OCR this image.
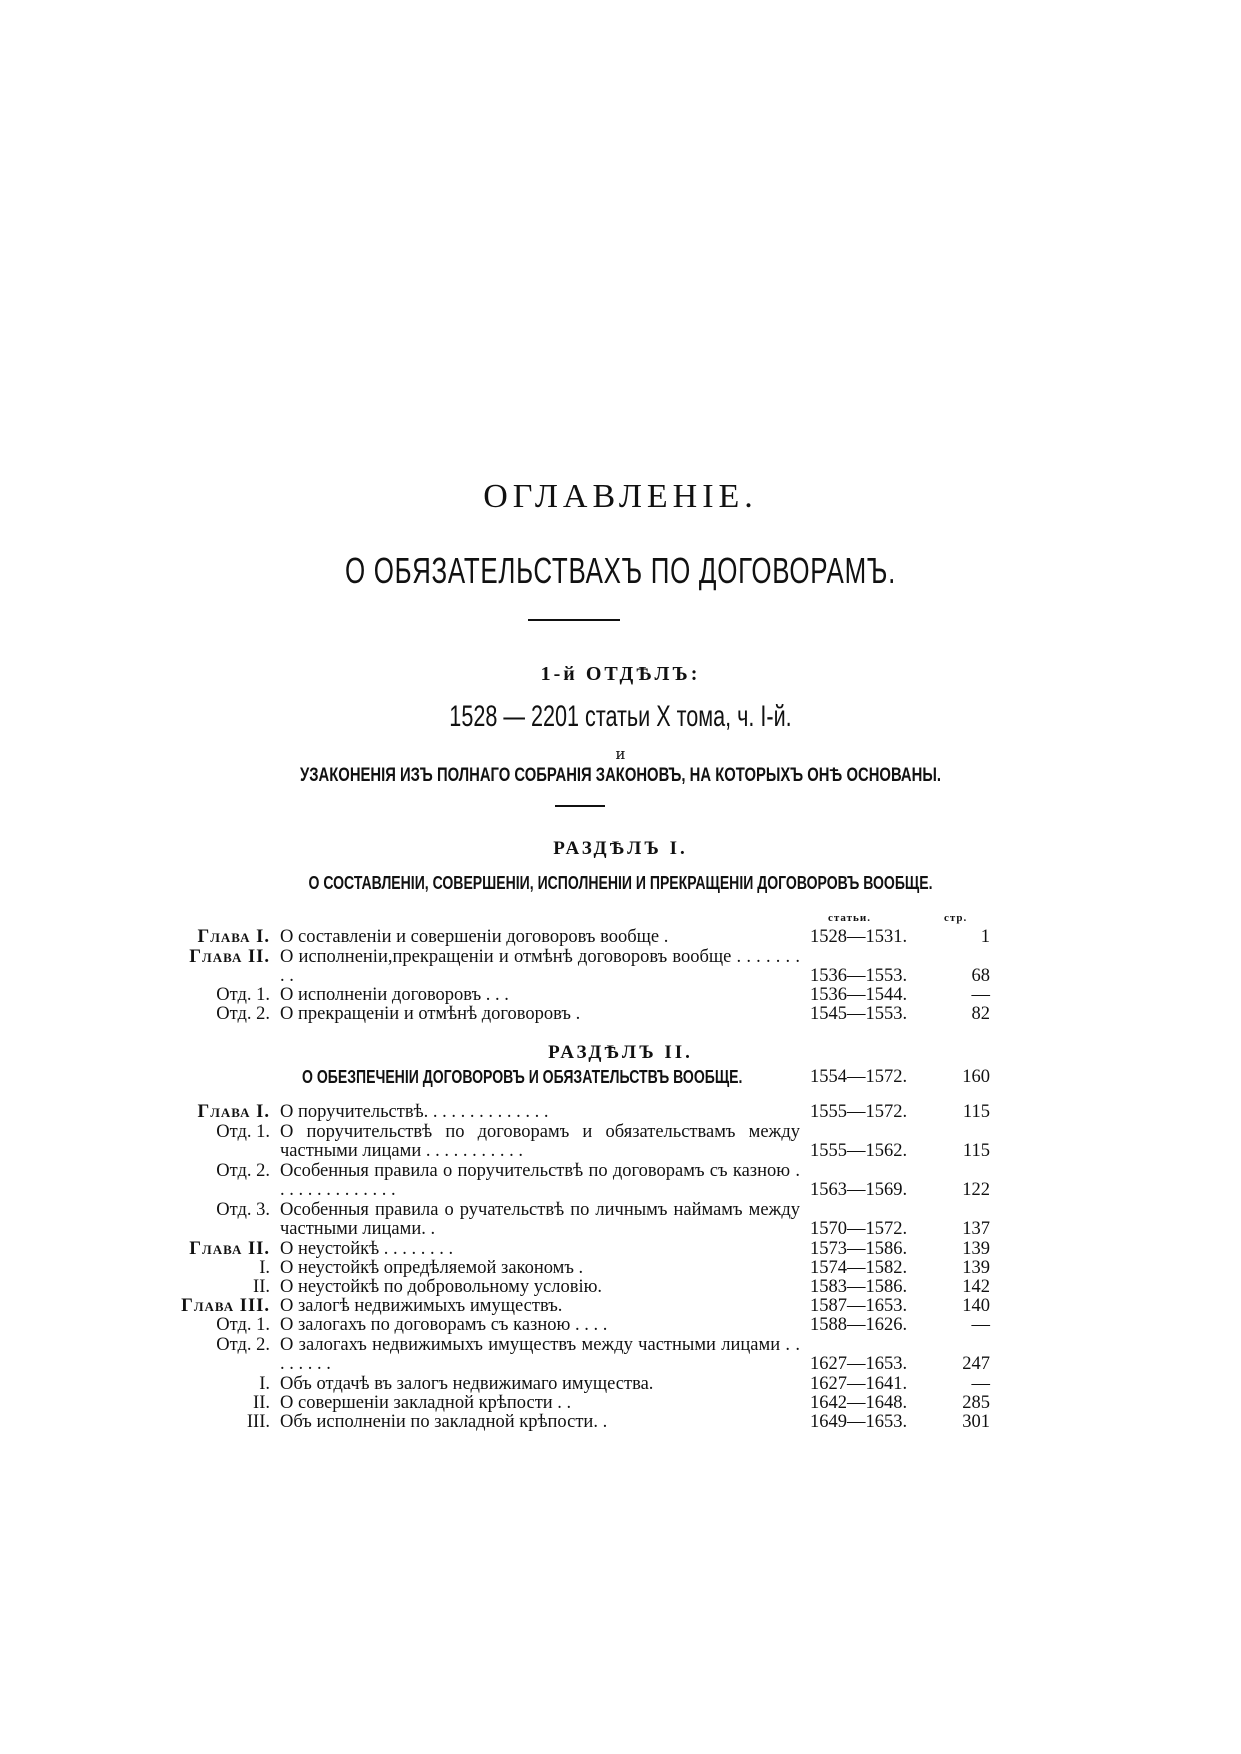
ОГЛАВЛЕНІЕ.
О ОБЯЗАТЕЛЬСТВАХЪ ПО ДОГОВОРАМЪ.
1-й ОТДѢЛЪ:
1528 — 2201 статьи X тома, ч. I-й.
и
УЗАКОНЕНІЯ ИЗЪ ПОЛНАГО СОБРАНІЯ ЗАКОНОВЪ, НА КОТОРЫХЪ ОНѢ ОСНОВАНЫ.
РАЗДѢЛЪ I.
О СОСТАВЛЕНІИ, СОВЕРШЕНІИ, ИСПОЛНЕНІИ И ПРЕКРАЩЕНІИ ДОГОВОРОВЪ ВООБЩЕ.
статьи.	стр.
Глава I. О составленіи и совершеніи договоровъ вообще .	1528—1531.	1
Глава II. О исполненіи,прекращеніи и отмѣнѣ договоровъ вообще . . . . . . . . .	1536—1553.	68
Отд. 1. О исполненіи договоровъ . . .	1536—1544.	—
Отд. 2. О прекращеніи и отмѣнѣ договоровъ .	1545—1553.	82
РАЗДѢЛЪ II.
О ОБЕЗПЕЧЕНІИ ДОГОВОРОВЪ И ОБЯЗАТЕЛЬСТВЪ ВООБЩЕ.	1554—1572.	160
Глава I. О поручительствѣ. . . . . . . . . . . . . .	1555—1572.	115
Отд. 1. О поручительствѣ по договорамъ и обязательствамъ между частными лицами . . . . . . . . . . .	1555—1562.	115
Отд. 2. Особенныя правила о поручительствѣ по договорамъ съ казною . . . . . . . . . . . . . .	1563—1569.	122
Отд. 3. Особенныя правила о ручательствѣ по личнымъ наймамъ между частными лицами. .	1570—1572.	137
Глава II. О неустойкѣ . . . . . . . .	1573—1586.	139
I. О неустойкѣ опредѣляемой закономъ .	1574—1582.	139
II. О неустойкѣ по добровольному условію.	1583—1586.	142
Глава III. О залогѣ недвижимыхъ имуществъ.	1587—1653.	140
Отд. 1. О залогахъ по договорамъ съ казною . . . .	1588—1626.	—
Отд. 2. О залогахъ недвижимыхъ имуществъ между частными лицами . . . . . . . .	1627—1653.	247
I. Объ отдачѣ въ залогъ недвижимаго имущества.	1627—1641.	—
II. О совершеніи закладной крѣпости . .	1642—1648.	285
III. Объ исполненіи по закладной крѣпости. .	1649—1653.	301
